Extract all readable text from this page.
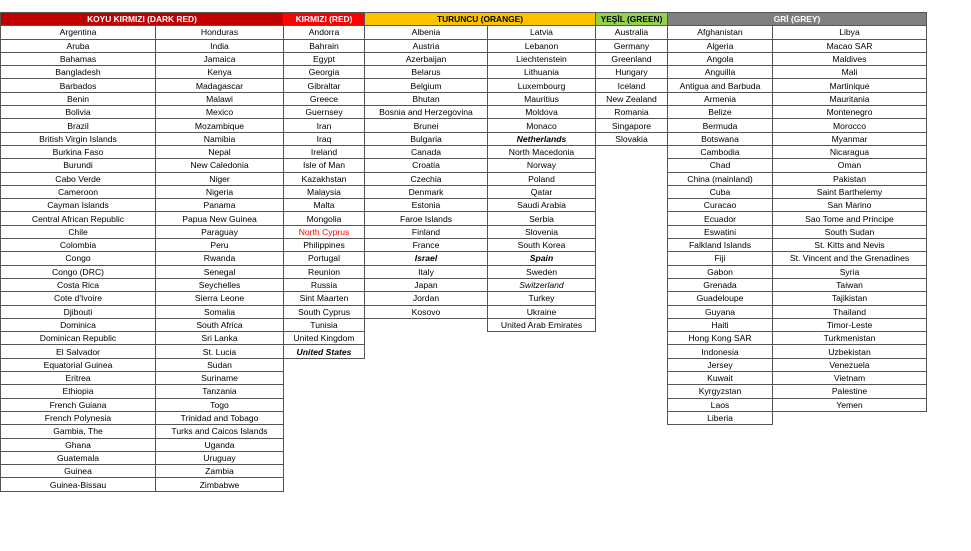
KOYU KIRMIZI (DARK RED)		KIRMIZI (RED)	TURUNCU (ORANGE)		YEŞİL (GREEN)	GRİ (GREY)	
Argentina	Honduras	Andorra	Albenia	Latvia	Australia	Afghanistan	Libya
Aruba	India	Bahrain	Austria	Lebanon	Germany	Algeria	Macao SAR
Bahamas	Jamaica	Egypt	Azerbaijan	Liechtenstein	Greenland	Angola	Maldives
Bangladesh	Kenya	Georgia	Belarus	Lithuania	Hungary	Anguilla	Mali
Barbados	Madagascar	Gibraltar	Belgium	Luxembourg	Iceland	Antigua and Barbuda	Martinique
Benin	Malawi	Greece	Bhutan	Mauritius	New Zealand	Armenia	Mauritania
Bolivia	Mexico	Guernsey	Bosnia and Herzegovina	Moldova	Romania	Belize	Montenegro
Brazil	Mozambique	Iran	Brunei	Monaco	Singapore	Bermuda	Morocco
British Virgin Islands	Namibia	Iraq	Bulgaria	Netherlands	Slovakia	Botswana	Myanmar
Burkina Faso	Nepal	Ireland	Canada	North Macedonia		Cambodia	Nicaragua
Burundi	New Caledonia	Isle of Man	Croatia	Norway		Chad	Oman
Cabo Verde	Niger	Kazakhstan	Czechia	Poland		China (mainland)	Pakistan
Cameroon	Nigeria	Malaysia	Denmark	Qatar		Cuba	Saint Barthelemy
Cayman Islands	Panama	Malta	Estonia	Saudi Arabia		Curacao	San Marino
Central African Republic	Papua New Guinea	Mongolia	Faroe Islands	Serbia		Ecuador	Sao Tome and Principe
Chile	Paraguay	North Cyprus	Finland	Slovenia		Eswatini	South Sudan
Colombia	Peru	Philippines	France	South Korea		Falkland Islands	St. Kitts and Nevis
Congo	Rwanda	Portugal	Israel	Spain		Fiji	St. Vincent and the Grenadines
Congo (DRC)	Senegal	Reunion	Italy	Sweden		Gabon	Syria
Costa Rica	Seychelles	Russia	Japan	Switzerland		Grenada	Taiwan
Cote d'Ivoire	Sierra Leone	Sint Maarten	Jordan	Turkey		Guadeloupe	Tajikistan
Djibouti	Somalia	South Cyprus	Kosovo	Ukraine		Guyana	Thailand
Dominica	South Africa	Tunisia		United Arab Emirates		Haiti	Timor-Leste
Dominican Republic	Sri Lanka	United Kingdom				Hong Kong SAR	Turkmenistan
El Salvador	St. Lucia	United States				Indonesia	Uzbekistan
Equatorial Guinea	Sudan					Jersey	Venezuela
Eritrea	Suriname					Kuwait	Vietnam
Ethiopia	Tanzania					Kyrgyzstan	Palestine
French Guiana	Togo					Laos	Yemen
French Polynesia	Trinidad and Tobago					Liberia	
Gambia, The	Turks and Caicos Islands						
Ghana	Uganda						
Guatemala	Uruguay						
Guinea	Zambia						
Guinea-Bissau	Zimbabwe						
